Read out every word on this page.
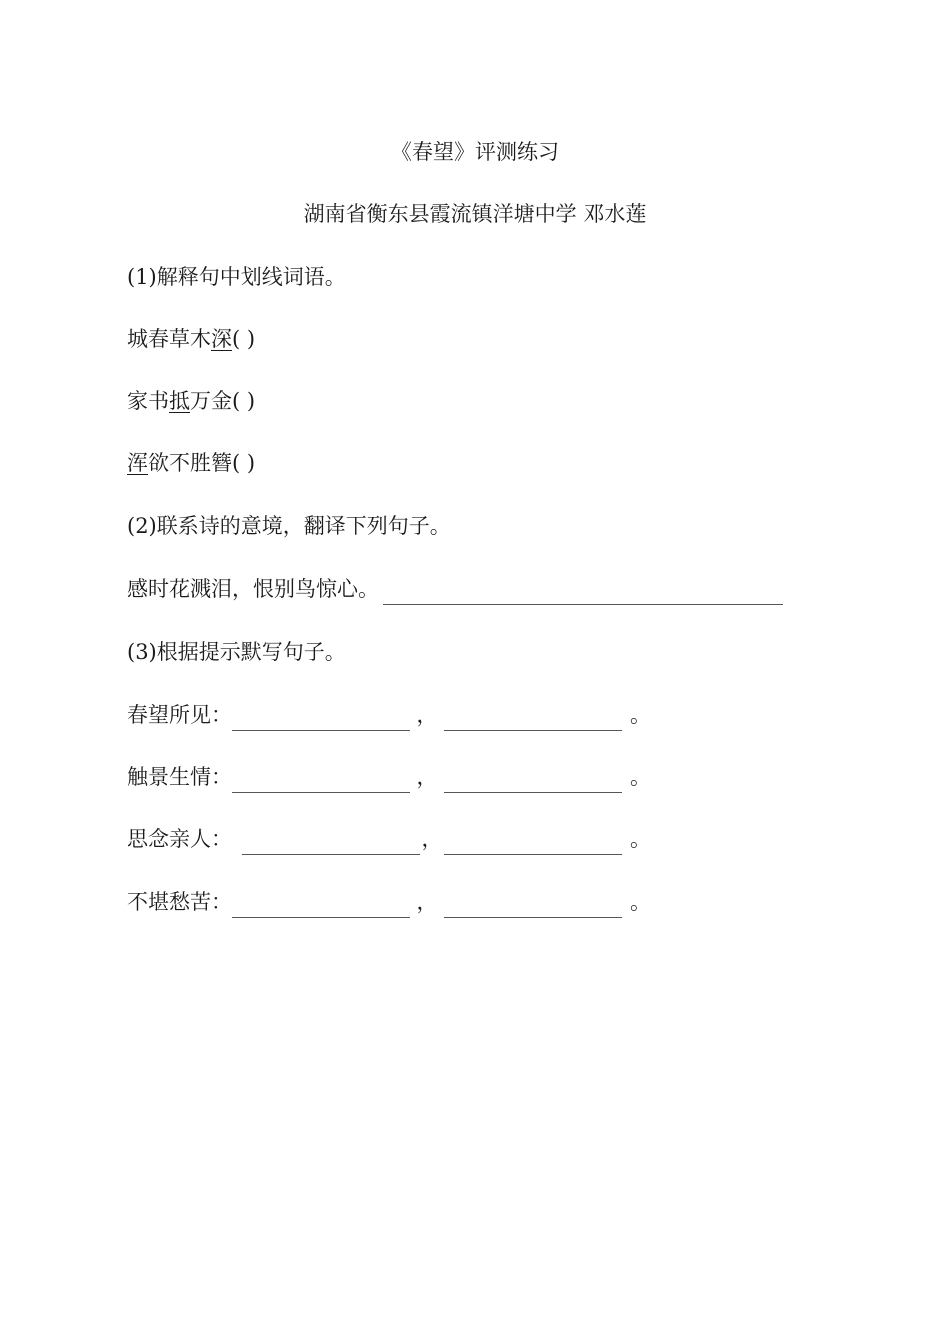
《春望》评测练习
湖南省衡东县霞流镇洋塘中学 邓水莲
(1)解释句中划线词语。
城春草木深( )
家书抵万金( )
浑欲不胜簪( )
(2)联系诗的意境，翻译下列句子。
感时花溅泪，恨别鸟惊心。
(3)根据提示默写句子。
春望所见：	，	。
触景生情：	，	。
思念亲人：	，	。
不堪愁苦：	，	。
